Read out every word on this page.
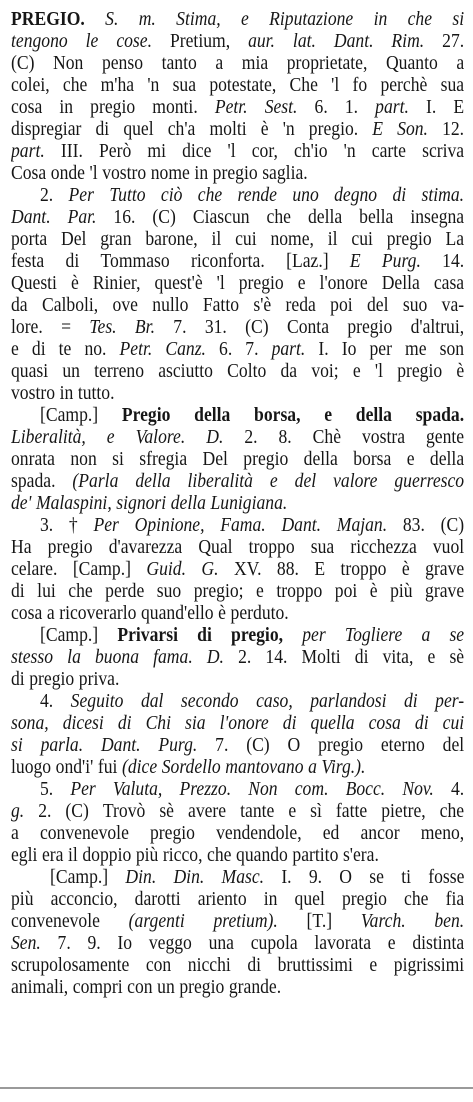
PREGIO. S. m. Stima, e Riputazione in che si
tengono le cose. Pretium, aur. lat. Dant. Rim. 27.
(C) Non penso tanto a mia proprietate, Quanto a
colei, che m'ha 'n sua potestate, Che 'l fo perchè sua
cosa in pregio monti. Petr. Sest. 6. 1. part. I. E
dispregiar di quel ch'a molti è 'n pregio. E Son. 12.
part. III. Però mi dice 'l cor, ch'io 'n carte scriva
Cosa onde 'l vostro nome in pregio saglia.
2. Per Tutto ciò che rende uno degno di stima.
Dant. Par. 16. (C) Ciascun che della bella insegna
porta Del gran barone, il cui nome, il cui pregio La
festa di Tommaso riconforta. [Laz.] E Purg. 14.
Questi è Rinier, quest'è 'l pregio e l'onore Della casa
da Calboli, ove nullo Fatto s'è reda poi del suo va-
lore. = Tes. Br. 7. 31. (C) Conta pregio d'altrui,
e di te no. Petr. Canz. 6. 7. part. I. Io per me son
quasi un terreno asciutto Colto da voi; e 'l pregio è
vostro in tutto.
[Camp.] Pregio della borsa, e della spada.
Liberalità, e Valore. D. 2. 8. Chè vostra gente
onrata non si sfregia Del pregio della borsa e della
spada. (Parla della liberalità e del valore guerresco
de' Malaspini, signori della Lunigiana.
3. † Per Opinione, Fama. Dant. Majan. 83. (C)
Ha pregio d'avarezza Qual troppo sua ricchezza vuol
celare. [Camp.] Guid. G. XV. 88. E troppo è grave
di lui che perde suo pregio; e troppo poi è più grave
cosa a ricoverarlo quand'ello è perduto.
[Camp.] Privarsi di pregio, per Togliere a se
stesso la buona fama. D. 2. 14. Molti di vita, e sè
di pregio priva.
4. Seguito dal secondo caso, parlandosi di per-
sona, dicesi di Chi sia l'onore di quella cosa di cui
si parla. Dant. Purg. 7. (C) O pregio eterno del
luogo ond'i' fui (dice Sordello mantovano a Virg.).
5. Per Valuta, Prezzo. Non com. Bocc. Nov. 4.
g. 2. (C) Trovò sè avere tante e sì fatte pietre, che
a convenevole pregio vendendole, ed ancor meno,
egli era il doppio più ricco, che quando partito s'era.
[Camp.] Din. Din. Masc. I. 9. O se ti fosse
più acconcio, darotti ariento in quel pregio che fia
convenevole (argenti pretium). [T.] Varch. ben.
Sen. 7. 9. Io veggo una cupola lavorata e distinta
scrupolosamente con nicchi di bruttissimi e pigrissimi
animali, compri con un pregio grande.
